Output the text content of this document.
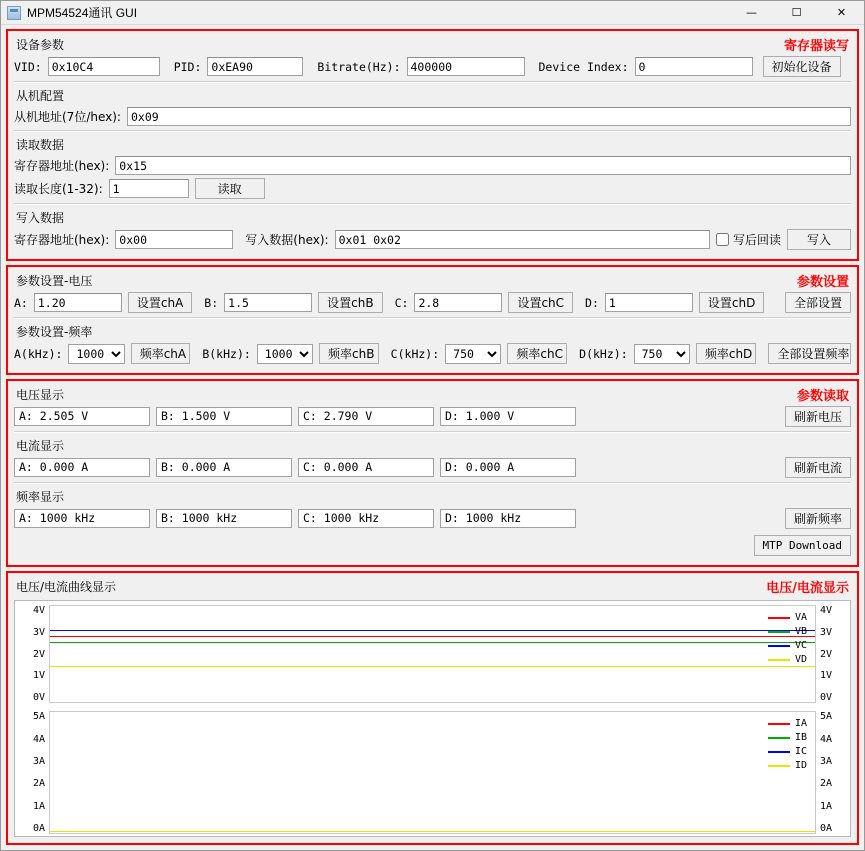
MPM54524通讯 GUI	—	☐	✕
寄存器读写
设备参数
VID:
0x10C4	PID:
0xEA90	Bitrate(Hz):
400000	Device Index:
0	初始化设备
从机配置
从机地址(7位/hex):
0x09
读取数据
寄存器地址(hex):
0x15
读取长度(1-32):
1	读取
写入数据
寄存器地址(hex):
0x00	写入数据(hex):
0x01 0x02	写后回读	写入
参数设置
参数设置-电压
A:
1.20	设置chA	B:
1.5	设置chB	C:
2.8	设置chC	D:
1	设置chD	全部设置
参数设置-频率
A(kHz):
1000	频率chA	B(kHz):
1000	频率chB	C(kHz):
750	频率chC	D(kHz):
750	频率chD	全部设置频率
参数读取
电压显示
A: 2.505 V	B: 1.500 V	C: 2.790 V	D: 1.000 V	刷新电压
电流显示
A: 0.000 A	B: 0.000 A	C: 0.000 A	D: 0.000 A	刷新电流
频率显示
A: 1000 kHz	B: 1000 kHz	C: 1000 kHz	D: 1000 kHz	刷新频率
MTP Download
电压/电流显示
电压/电流曲线显示
4V
3V
2V
1V
0V
VA
VB
VC
VD
4V
3V
2V
1V
0V
5A
4A
3A
2A
1A
0A
IA
IB
IC
ID
5A
4A
3A
2A
1A
0A
